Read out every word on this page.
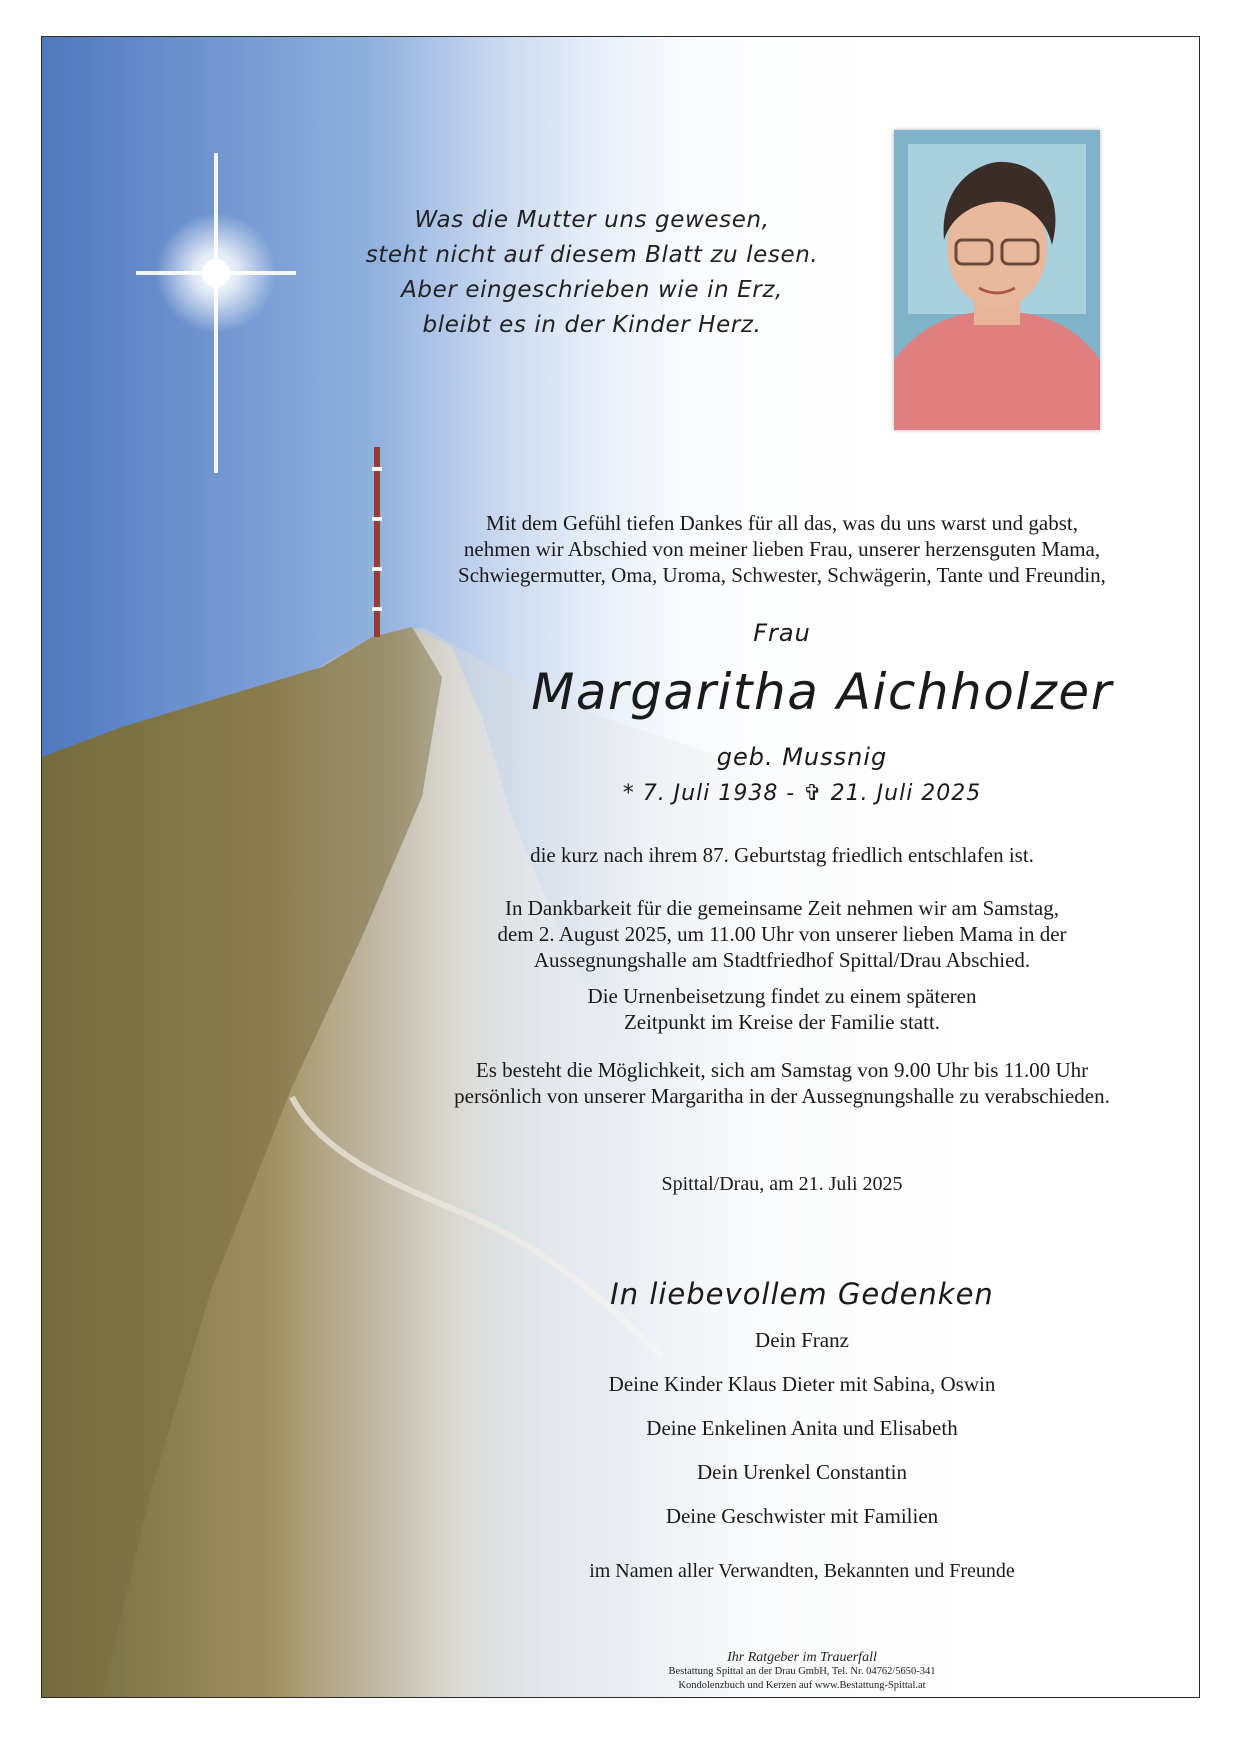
Was die Mutter uns gewesen,
steht nicht auf diesem Blatt zu lesen.
Aber eingeschrieben wie in Erz,
bleibt es in der Kinder Herz.
Mit dem Gefühl tiefen Dankes für all das, was du uns warst und gabst,
nehmen wir Abschied von meiner lieben Frau, unserer herzensguten Mama,
Schwiegermutter, Oma, Uroma, Schwester, Schwägerin, Tante und Freundin,
Frau
Margaritha Aichholzer
geb. Mussnig
* 7. Juli 1938 - ✞ 21. Juli 2025
die kurz nach ihrem 87. Geburtstag friedlich entschlafen ist.
In Dankbarkeit für die gemeinsame Zeit nehmen wir am Samstag,
dem 2. August 2025, um 11.00 Uhr von unserer lieben Mama in der
Aussegnungshalle am Stadtfriedhof Spittal/Drau Abschied.
Die Urnenbeisetzung findet zu einem späteren
Zeitpunkt im Kreise der Familie statt.
Es besteht die Möglichkeit, sich am Samstag von 9.00 Uhr bis 11.00 Uhr
persönlich von unserer Margaritha in der Aussegnungshalle zu verabschieden.
Spittal/Drau, am 21. Juli 2025
In liebevollem Gedenken
Dein Franz
Deine Kinder Klaus Dieter mit Sabina, Oswin
Deine Enkelinen Anita und Elisabeth
Dein Urenkel Constantin
Deine Geschwister mit Familien
im Namen aller Verwandten, Bekannten und Freunde
Ihr Ratgeber im Trauerfall
Bestattung Spittal an der Drau GmbH, Tel. Nr. 04762/5650-341
Kondolenzbuch und Kerzen auf www.Bestattung-Spittal.at
